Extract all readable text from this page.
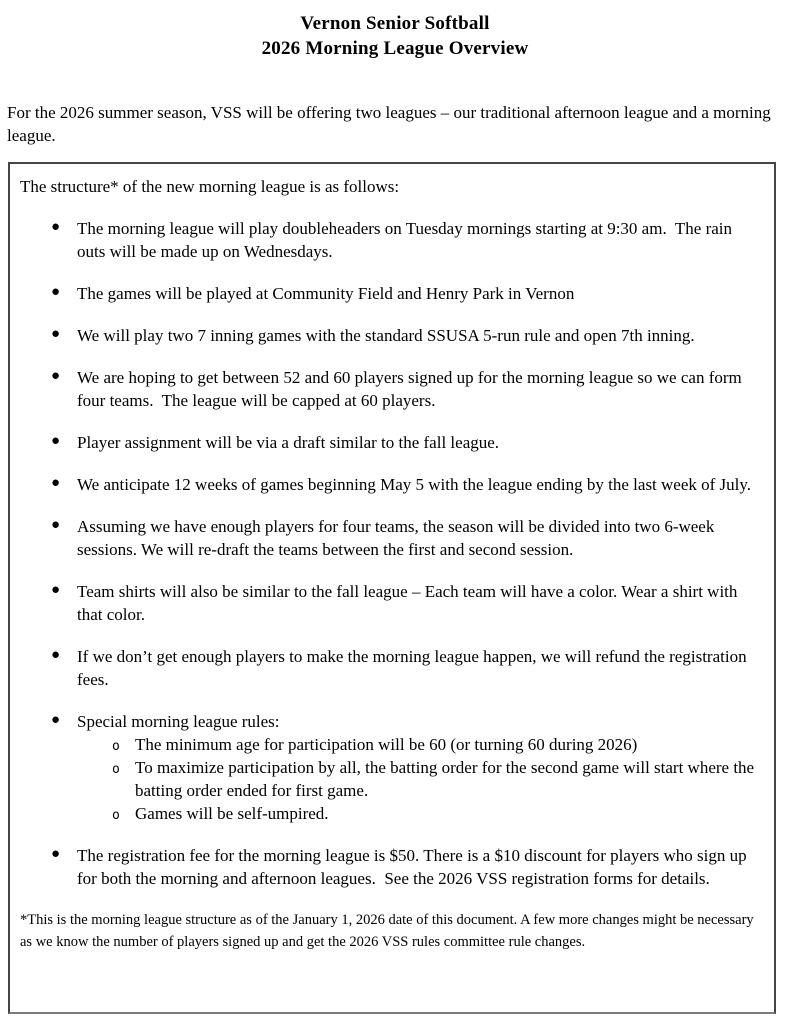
Vernon Senior Softball
2026 Morning League Overview

For the 2026 summer season, VSS will be offering two leagues – our traditional afternoon league and a morning league.

The structure* of the new morning league is as follows:

● The morning league will play doubleheaders on Tuesday mornings starting at 9:30 am.  The rain outs will be made up on Wednesdays.
● The games will be played at Community Field and Henry Park in Vernon
● We will play two 7 inning games with the standard SSUSA 5-run rule and open 7th inning.
● We are hoping to get between 52 and 60 players signed up for the morning league so we can form four teams.  The league will be capped at 60 players.
● Player assignment will be via a draft similar to the fall league.
● We anticipate 12 weeks of games beginning May 5 with the league ending by the last week of July.
● Assuming we have enough players for four teams, the season will be divided into two 6-week sessions. We will re-draft the teams between the first and second session.
● Team shirts will also be similar to the fall league – Each team will have a color. Wear a shirt with that color.
● If we don’t get enough players to make the morning league happen, we will refund the registration fees.
● Special morning league rules:
o The minimum age for participation will be 60 (or turning 60 during 2026)
o To maximize participation by all, the batting order for the second game will start where the batting order ended for first game.
o Games will be self-umpired.
● The registration fee for the morning league is $50. There is a $10 discount for players who sign up for both the morning and afternoon leagues.  See the 2026 VSS registration forms for details.

*This is the morning league structure as of the January 1, 2026 date of this document. A few more changes might be necessary as we know the number of players signed up and get the 2026 VSS rules committee rule changes.
